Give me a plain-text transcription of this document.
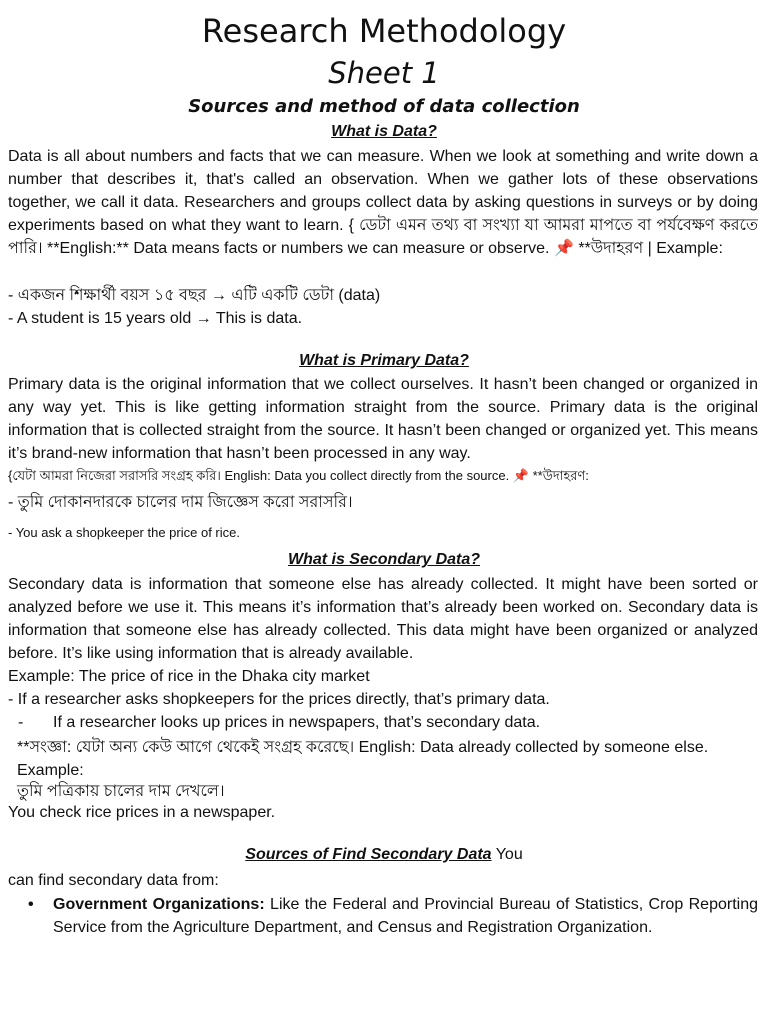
Research Methodology
Sheet 1
Sources and method of data collection
What is Data?
Data is all about numbers and facts that we can measure. When we look at something and write down a number that describes it, that's called an observation. When we gather lots of these observations together, we call it data. Researchers and groups collect data by asking questions in surveys or by doing experiments based on what they want to learn. { ডেটা এমন তথ্য বা সংখ্যা যা আমরা মাপতে বা পর্যবেক্ষণ করতে পারি। **English:** Data means facts or numbers we can measure or observe. 📌 **উদাহরণ | Example:
- একজন শিক্ষার্থী বয়স ১৫ বছর → এটি একটি ডেটা (data)
- A student is 15 years old → This is data.
What is Primary Data?
Primary data is the original information that we collect ourselves. It hasn’t been changed or organized in any way yet. This is like getting information straight from the source. Primary data is the original information that is collected straight from the source. It hasn’t been changed or organized yet. This means it’s brand-new information that hasn’t been processed in any way.
{যেটা আমরা নিজেরা সরাসরি সংগ্রহ করি। English: Data you collect directly from the source. 📌 **উদাহরণ:
- তুমি দোকানদারকে চালের দাম জিজ্ঞেস করো সরাসরি।
- You ask a shopkeeper the price of rice.
What is Secondary Data?
Secondary data is information that someone else has already collected. It might have been sorted or analyzed before we use it. This means it’s information that’s already been worked on. Secondary data is information that someone else has already collected. This data might have been organized or analyzed before. It’s like using information that is already available.
Example: The price of rice in the Dhaka city market
- If a researcher asks shopkeepers for the prices directly, that’s primary data.
- If a researcher looks up prices in newspapers, that’s secondary data.
**সংজ্ঞা: যেটা অন্য কেউ আগে থেকেই সংগ্রহ করেছে। English: Data already collected by someone else.
Example:
তুমি পত্রিকায় চালের দাম দেখলে।
You check rice prices in a newspaper.
Sources of Find Secondary Data You
can find secondary data from:
•	Government Organizations: Like the Federal and Provincial Bureau of Statistics, Crop Reporting Service from the Agriculture Department, and Census and Registration Organization.
